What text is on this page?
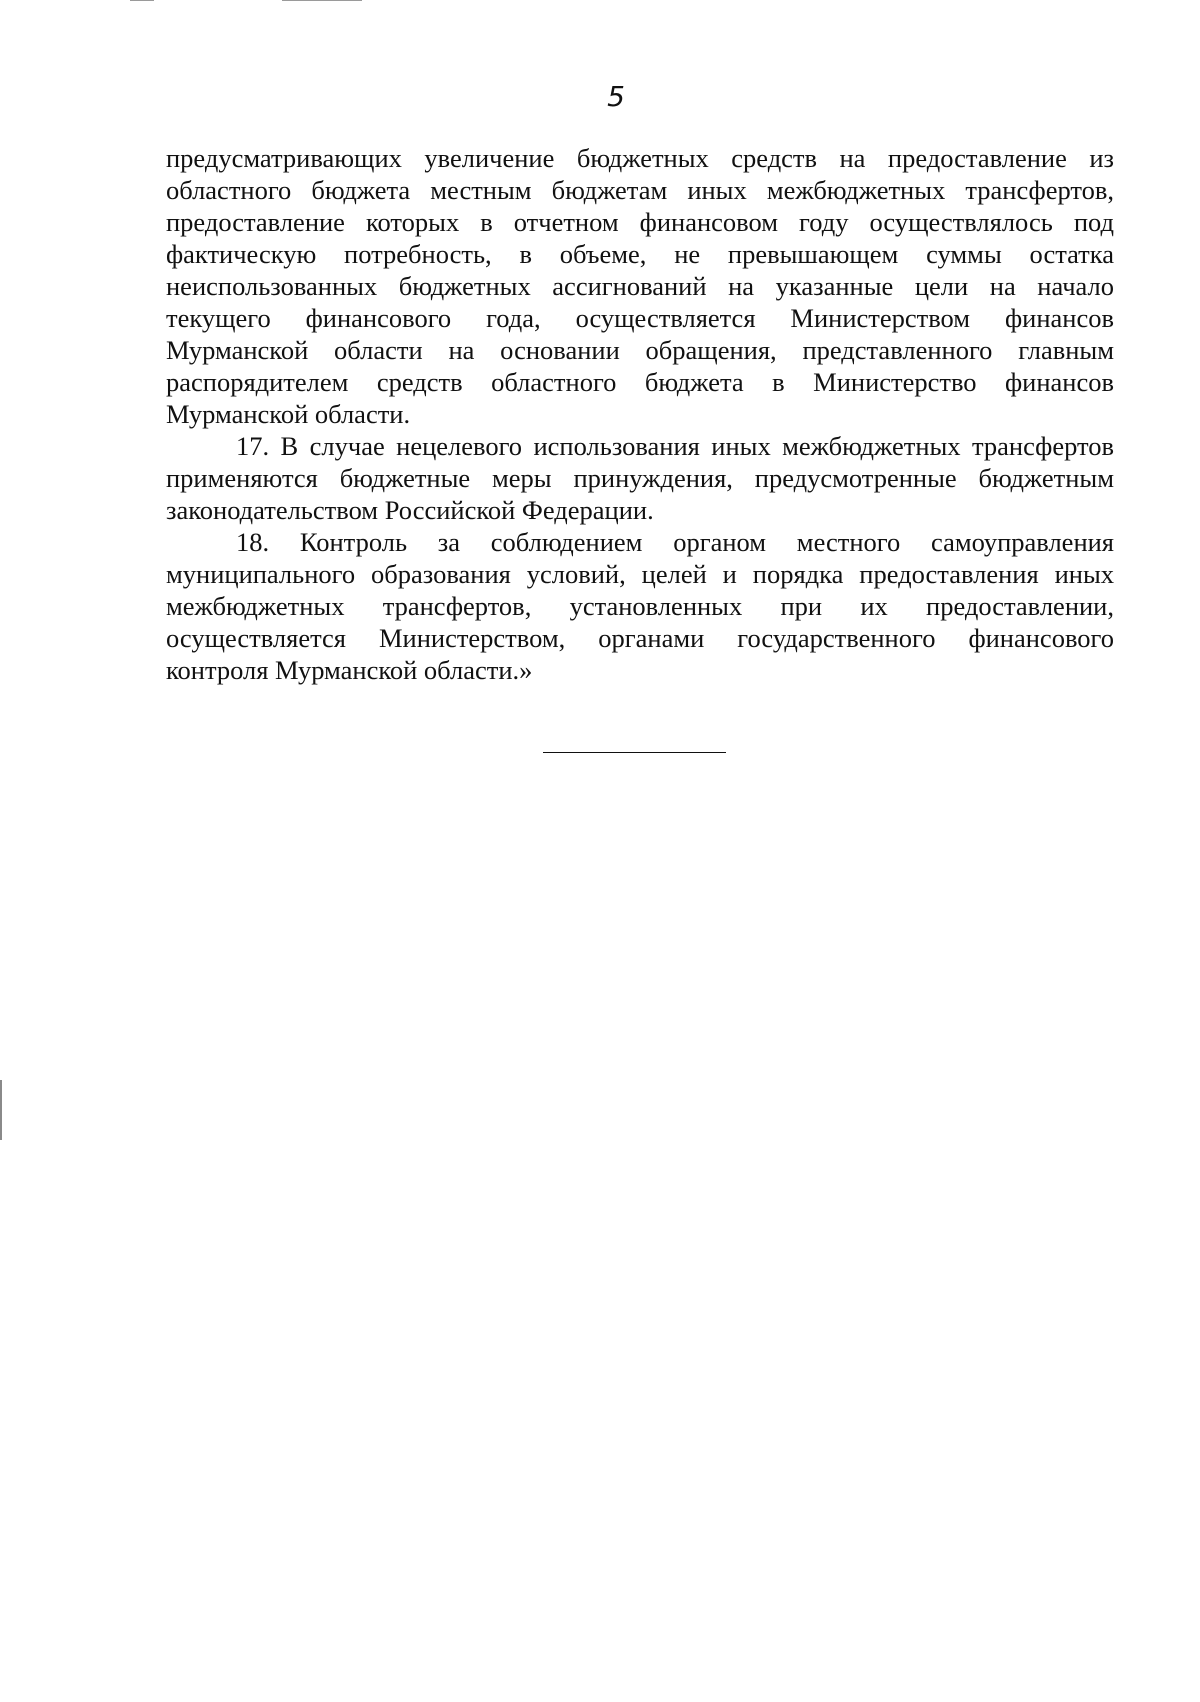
5

предусматривающих увеличение бюджетных средств на предоставление из областного бюджета местным бюджетам иных межбюджетных трансфертов, предоставление которых в отчетном финансовом году осуществлялось под фактическую потребность, в объеме, не превышающем суммы остатка неиспользованных бюджетных ассигнований на указанные цели на начало текущего финансового года, осуществляется Министерством финансов Мурманской области на основании обращения, представленного главным распорядителем средств областного бюджета в Министерство финансов Мурманской области.

17. В случае нецелевого использования иных межбюджетных трансфертов применяются бюджетные меры принуждения, предусмотренные бюджетным законодательством Российской Федерации.

18. Контроль за соблюдением органом местного самоуправления муниципального образования условий, целей и порядка предоставления иных межбюджетных трансфертов, установленных при их предоставлении, осуществляется Министерством, органами государственного финансового контроля Мурманской области.»
